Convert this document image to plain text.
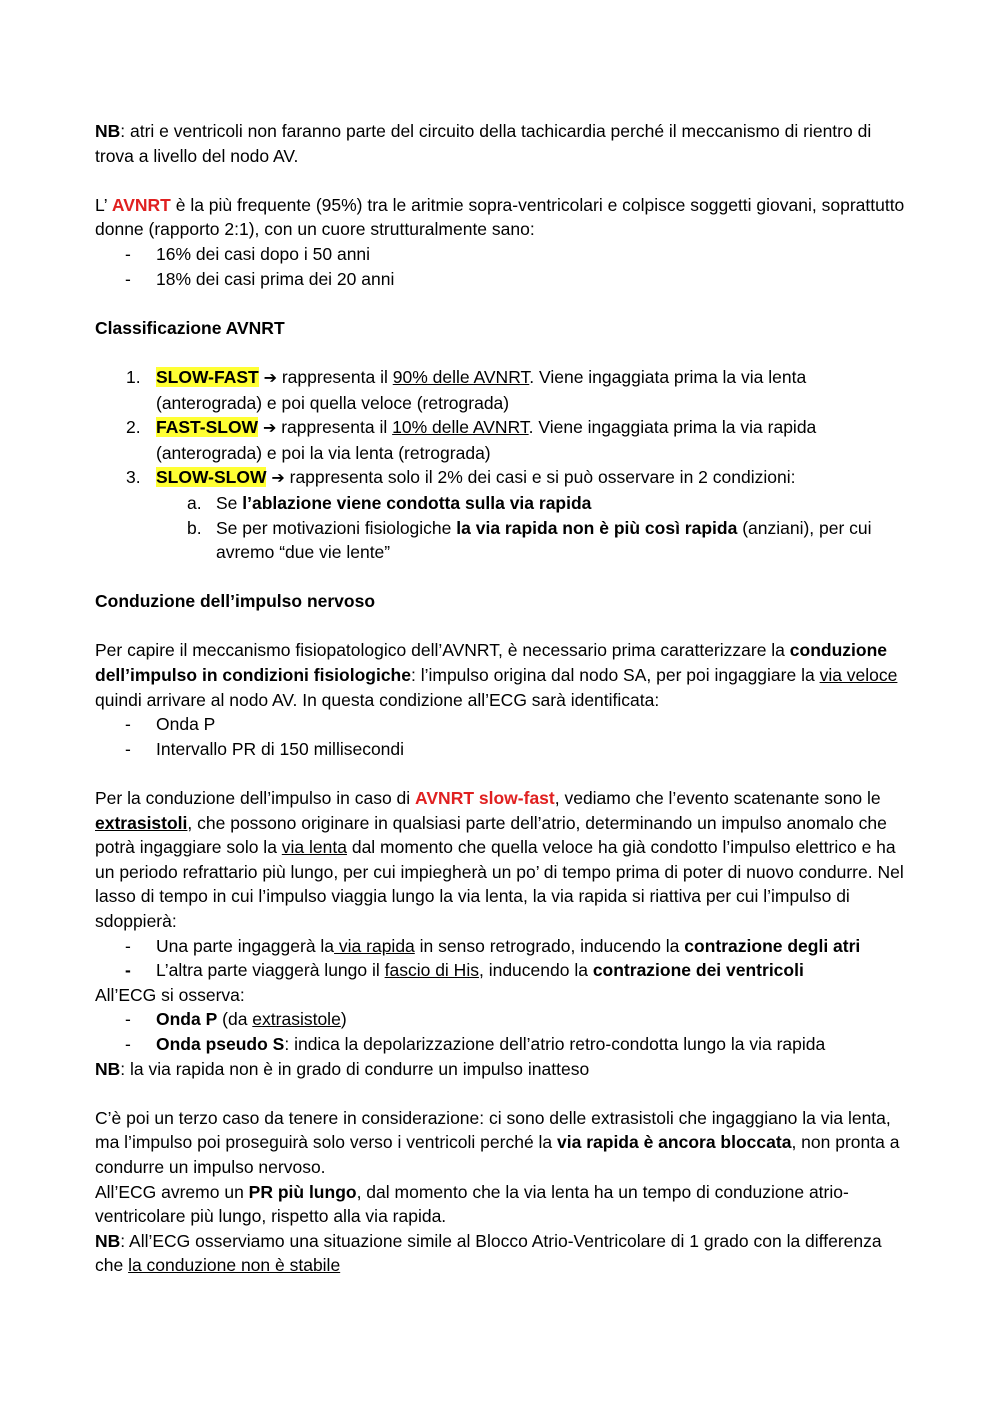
NB: atri e ventricoli non faranno parte del circuito della tachicardia perché il meccanismo di rientro di trova a livello del nodo AV.

L’ AVNRT è la più frequente (95%) tra le aritmie sopra-ventricolari e colpisce soggetti giovani, soprattutto donne (rapporto 2:1), con un cuore strutturalmente sano:

- 16% dei casi dopo i 50 anni
- 18% dei casi prima dei 20 anni

Classificazione AVNRT

1. SLOW-FAST ➔ rappresenta il 90% delle AVNRT. Viene ingaggiata prima la via lenta (anterograda) e poi quella veloce (retrograda)
2. FAST-SLOW ➔ rappresenta il 10% delle AVNRT. Viene ingaggiata prima la via rapida (anterograda) e poi la via lenta (retrograda)
3. SLOW-SLOW ➔ rappresenta solo il 2% dei casi e si può osservare in 2 condizioni:
a. Se l’ablazione viene condotta sulla via rapida
b. Se per motivazioni fisiologiche la via rapida non è più così rapida (anziani), per cui avremo “due vie lente”

Conduzione dell’impulso nervoso

Per capire il meccanismo fisiopatologico dell’AVNRT, è necessario prima caratterizzare la conduzione dell’impulso in condizioni fisiologiche: l’impulso origina dal nodo SA, per poi ingaggiare la via veloce quindi arrivare al nodo AV. In questa condizione all’ECG sarà identificata:

- Onda P
- Intervallo PR di 150 millisecondi

Per la conduzione dell’impulso in caso di AVNRT slow-fast, vediamo che l’evento scatenante sono le extrasistoli, che possono originare in qualsiasi parte dell’atrio, determinando un impulso anomalo che potrà ingaggiare solo la via lenta dal momento che quella veloce ha già condotto l’impulso elettrico e ha un periodo refrattario più lungo, per cui impiegherà un po’ di tempo prima di poter di nuovo condurre. Nel lasso di tempo in cui l’impulso viaggia lungo la via lenta, la via rapida si riattiva per cui l’impulso di sdoppierà:

- Una parte ingaggerà la via rapida in senso retrogrado, inducendo la contrazione degli atri
- L’altra parte viaggerà lungo il fascio di His, inducendo la contrazione dei ventricoli

All’ECG si osserva:

- Onda P (da extrasistole)
- Onda pseudo S: indica la depolarizzazione dell’atrio retro-condotta lungo la via rapida

NB: la via rapida non è in grado di condurre un impulso inatteso

C’è poi un terzo caso da tenere in considerazione: ci sono delle extrasistoli che ingaggiano la via lenta, ma l’impulso poi proseguirà solo verso i ventricoli perché la via rapida è ancora bloccata, non pronta a condurre un impulso nervoso.

All’ECG avremo un PR più lungo, dal momento che la via lenta ha un tempo di conduzione atrio-ventricolare più lungo, rispetto alla via rapida.

NB: All’ECG osserviamo una situazione simile al Blocco Atrio-Ventricolare di 1 grado con la differenza che la conduzione non è stabile
